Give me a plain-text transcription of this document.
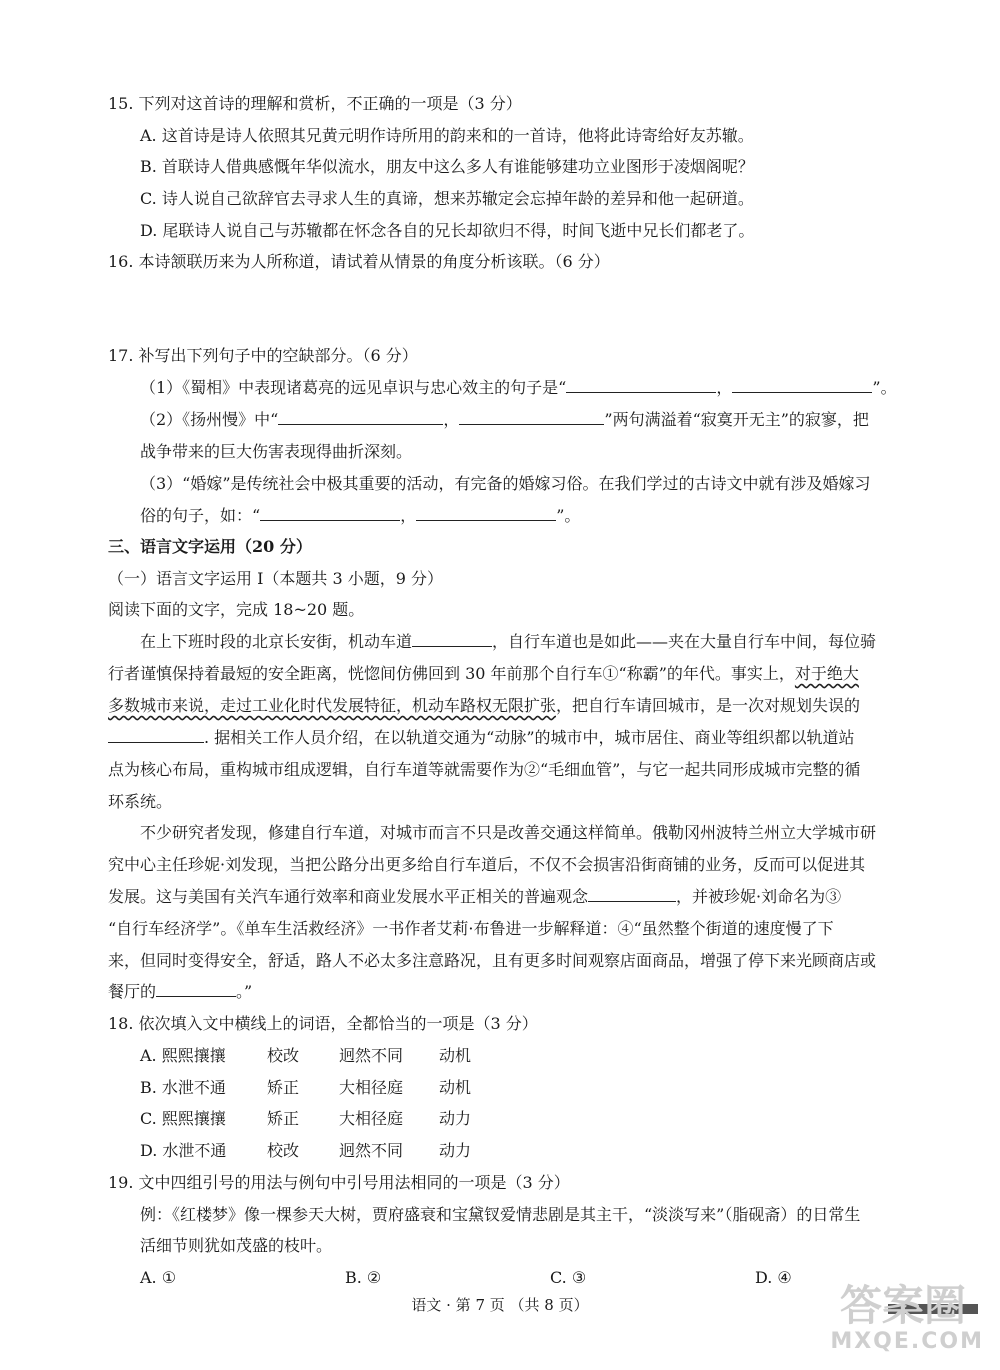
15. 下列对这首诗的理解和赏析，不正确的一项是（3 分）
A. 这首诗是诗人依照其兄黄元明作诗所用的韵来和的一首诗，他将此诗寄给好友苏辙。
B. 首联诗人借典感慨年华似流水，朋友中这么多人有谁能够建功立业图形于凌烟阁呢？
C. 诗人说自己欲辞官去寻求人生的真谛，想来苏辙定会忘掉年龄的差异和他一起研道。
D. 尾联诗人说自己与苏辙都在怀念各自的兄长却欲归不得，时间飞逝中兄长们都老了。
16. 本诗颔联历来为人所称道，请试着从情景的角度分析该联。（6 分）
17. 补写出下列句子中的空缺部分。（6 分）
（1）《蜀相》中表现诸葛亮的远见卓识与忠心效主的句子是“	，	”。
（2）《扬州慢》中“	，	”两句满溢着“寂寞开无主”的寂寥，把
战争带来的巨大伤害表现得曲折深刻。
（3）“婚嫁”是传统社会中极其重要的活动，有完备的婚嫁习俗。在我们学过的古诗文中就有涉及婚嫁习
俗的句子，如：“	，	”。
三、语言文字运用（20 分）
（一）语言文字运用 Ⅰ（本题共 3 小题，9 分）
阅读下面的文字，完成 18~20 题。
在上下班时段的北京长安街，机动车道	，自行车道也是如此——夹在大量自行车中间，每位骑
行者谨慎保持着最短的安全距离，恍惚间仿佛回到 30 年前那个自行车①“称霸”的年代。事实上，对于绝大
多数城市来说，走过工业化时代发展特征，机动车路权无限扩张，把自行车请回城市，是一次对规划失误的
. 据相关工作人员介绍，在以轨道交通为“动脉”的城市中，城市居住、商业等组织都以轨道站
点为核心布局，重构城市组成逻辑，自行车道等就需要作为②“毛细血管”，与它一起共同形成城市完整的循
环系统。
不少研究者发现，修建自行车道，对城市而言不只是改善交通这样简单。俄勒冈州波特兰州立大学城市研
究中心主任珍妮·刘发现，当把公路分出更多给自行车道后，不仅不会损害沿街商铺的业务，反而可以促进其
发展。这与美国有关汽车通行效率和商业发展水平正相关的普遍观念	，并被珍妮·刘命名为③
“自行车经济学”。《单车生活救经济》一书作者艾莉·布鲁进一步解释道：④“虽然整个街道的速度慢了下
来，但同时变得安全，舒适，路人不必太多注意路况，且有更多时间观察店面商品，增强了停下来光顾商店或
餐厅的	。”
18. 依次填入文中横线上的词语，全都恰当的一项是（3 分）
A. 熙熙攘攘	校改 迥然不同 动机
B. 水泄不通	矫正 大相径庭 动机
C. 熙熙攘攘	矫正 大相径庭 动力
D. 水泄不通	校改 迥然不同 动力
19. 文中四组引号的用法与例句中引号用法相同的一项是（3 分）
例：《红楼梦》像一棵参天大树，贾府盛衰和宝黛钗爱情悲剧是其主干，“淡淡写来”（脂砚斋）的日常生
活细节则犹如茂盛的枝叶。
A. ①	B. ②	C. ③	D. ④
语文 · 第 7 页 （共 8 页）	答案圈
MXQE.COM
